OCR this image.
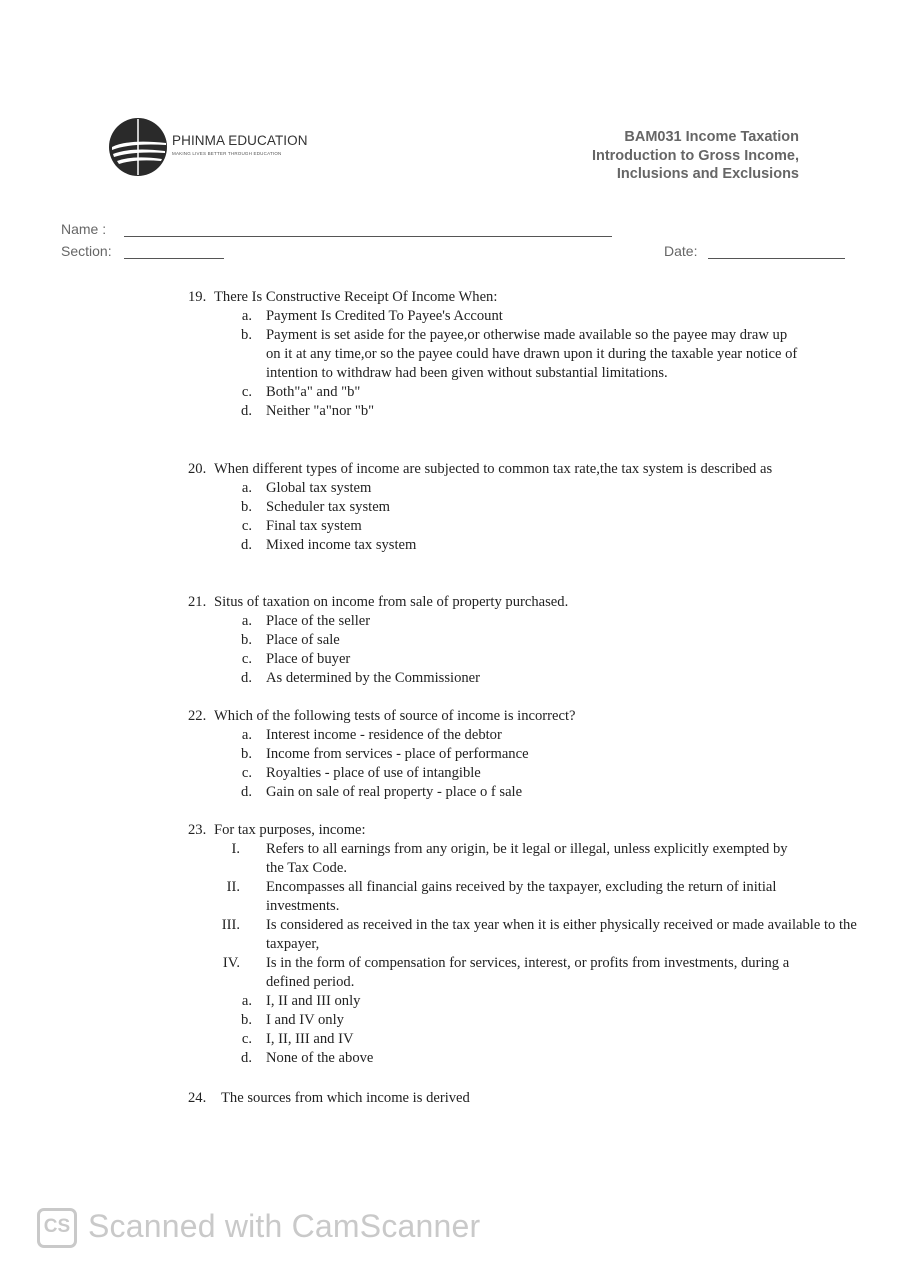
PHINMA EDUCATION
MAKING LIVES BETTER THROUGH EDUCATION
BAM031 Income Taxation
Introduction to Gross Income,
Inclusions and Exclusions
Name :
Section:	Date:
19. There Is Constructive Receipt Of Income When:
a. Payment Is Credited To Payee's Account
b. Payment is set aside for the payee,or otherwise made available so the payee may draw up on it at any time,or so the payee could have drawn upon it during the taxable year notice of intention to withdraw had been given without substantial limitations.
c. Both"a" and "b"
d. Neither "a"nor "b"
20. When different types of income are subjected to common tax rate,the tax system is described as
a. Global tax system
b. Scheduler tax system
c. Final tax system
d. Mixed income tax system
21. Situs of taxation on income from sale of property purchased.
a. Place of the seller
b. Place of sale
c. Place of buyer
d. As determined by the Commissioner
22. Which of the following tests of source of income is incorrect?
a. Interest income - residence of the debtor
b. Income from services - place of performance
c. Royalties - place of use of intangible
d. Gain on sale of real property - place o f sale
23. For tax purposes, income:
I. Refers to all earnings from any origin, be it legal or illegal, unless explicitly exempted by the Tax Code.
II. Encompasses all financial gains received by the taxpayer, excluding the return of initial investments.
III. Is considered as received in the tax year when it is either physically received or made available to the taxpayer,
IV. Is in the form of compensation for services, interest, or profits from investments, during a defined period.
a. I, II and III only
b. I and IV only
c. I, II, III and IV
d. None of the above
24. The sources from which income is derived
CS Scanned with CamScanner
